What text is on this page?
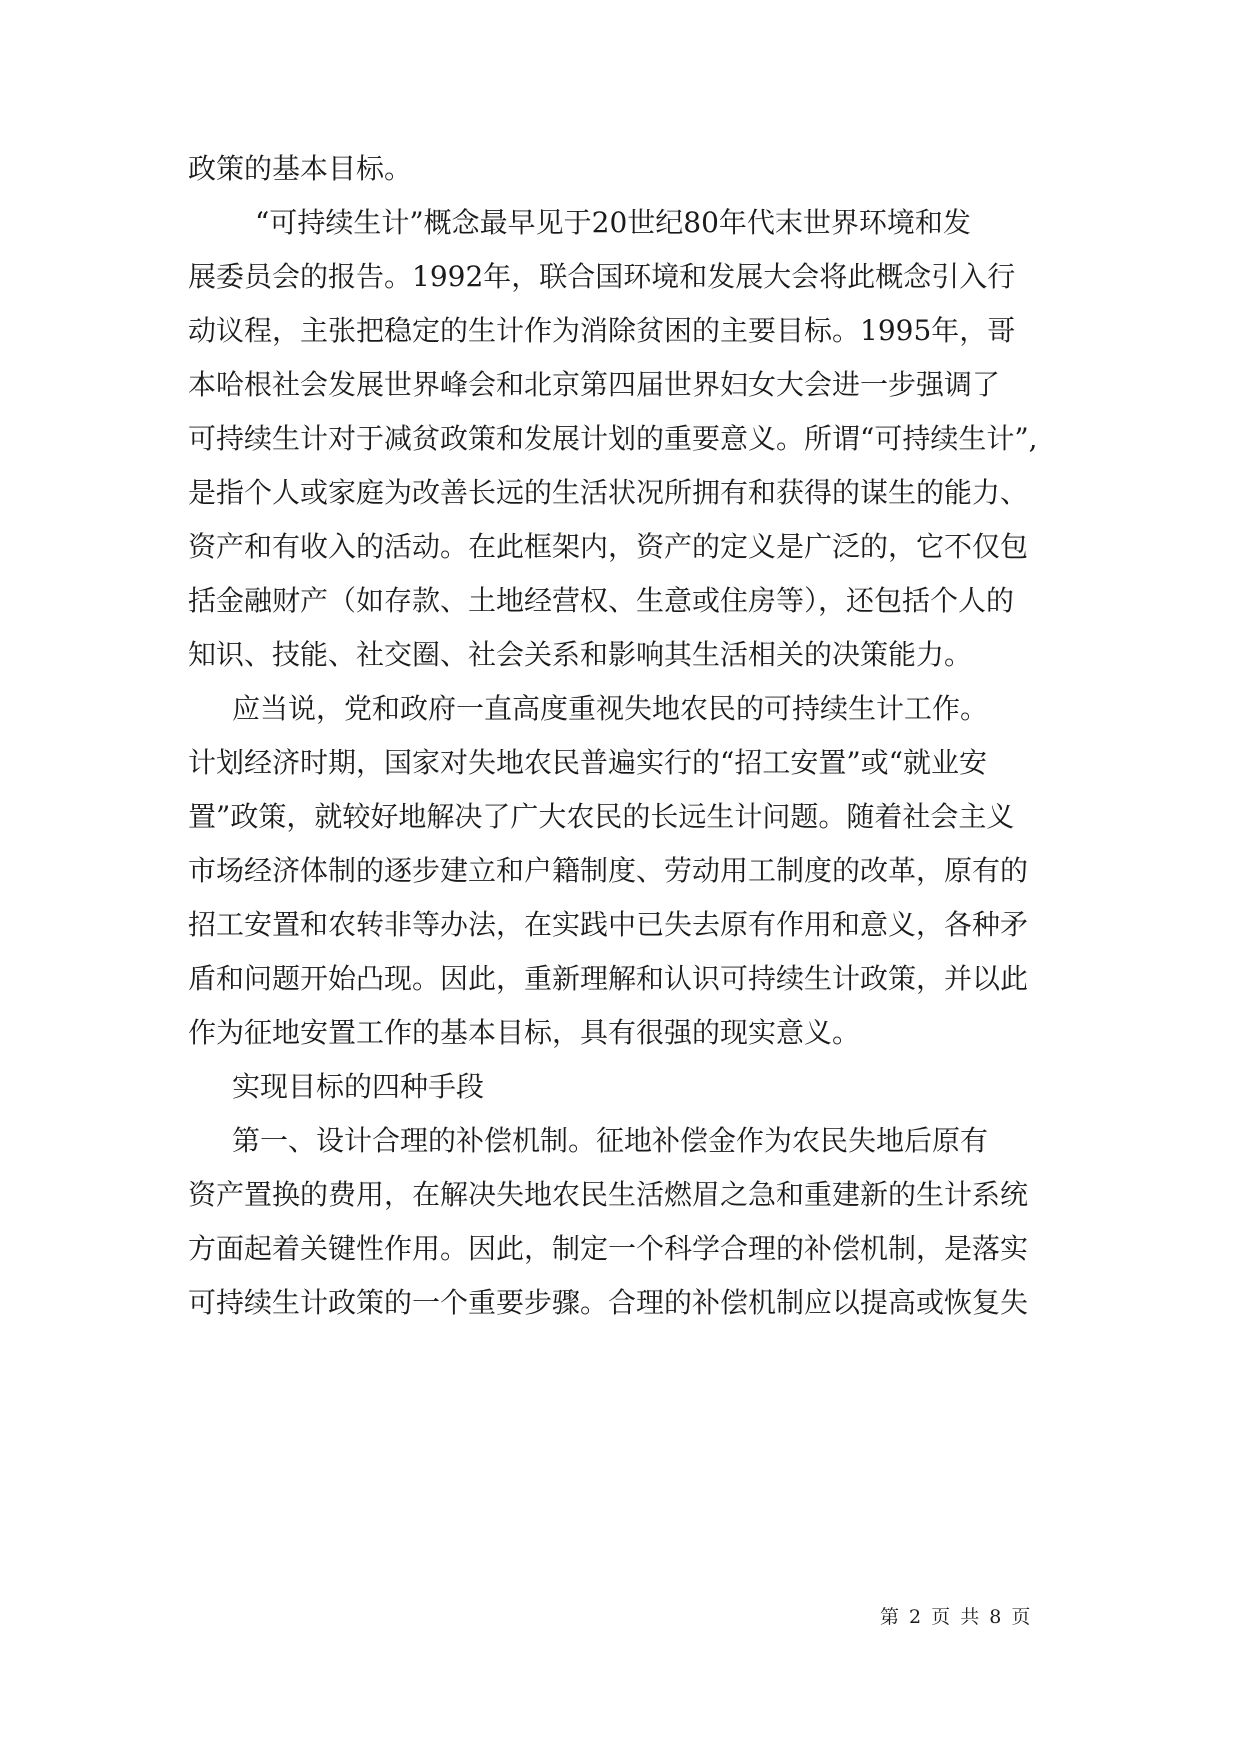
政策的基本目标。
“可持续生计”概念最早见于20世纪80年代末世界环境和发
展委员会的报告。1992年，联合国环境和发展大会将此概念引入行
动议程，主张把稳定的生计作为消除贫困的主要目标。1995年，哥
本哈根社会发展世界峰会和北京第四届世界妇女大会进一步强调了
可持续生计对于减贫政策和发展计划的重要意义。所谓“可持续生计”,
是指个人或家庭为改善长远的生活状况所拥有和获得的谋生的能力、
资产和有收入的活动。在此框架内，资产的定义是广泛的，它不仅包
括金融财产（如存款、土地经营权、生意或住房等），还包括个人的
知识、技能、社交圈、社会关系和影响其生活相关的决策能力。
应当说，党和政府一直高度重视失地农民的可持续生计工作。
计划经济时期，国家对失地农民普遍实行的“招工安置”或“就业安
置”政策，就较好地解决了广大农民的长远生计问题。随着社会主义
市场经济体制的逐步建立和户籍制度、劳动用工制度的改革，原有的
招工安置和农转非等办法，在实践中已失去原有作用和意义，各种矛
盾和问题开始凸现。因此，重新理解和认识可持续生计政策，并以此
作为征地安置工作的基本目标，具有很强的现实意义。
实现目标的四种手段
第一、设计合理的补偿机制。征地补偿金作为农民失地后原有
资产置换的费用，在解决失地农民生活燃眉之急和重建新的生计系统
方面起着关键性作用。因此，制定一个科学合理的补偿机制，是落实
可持续生计政策的一个重要步骤。合理的补偿机制应以提高或恢复失
第 2 页 共 8 页
